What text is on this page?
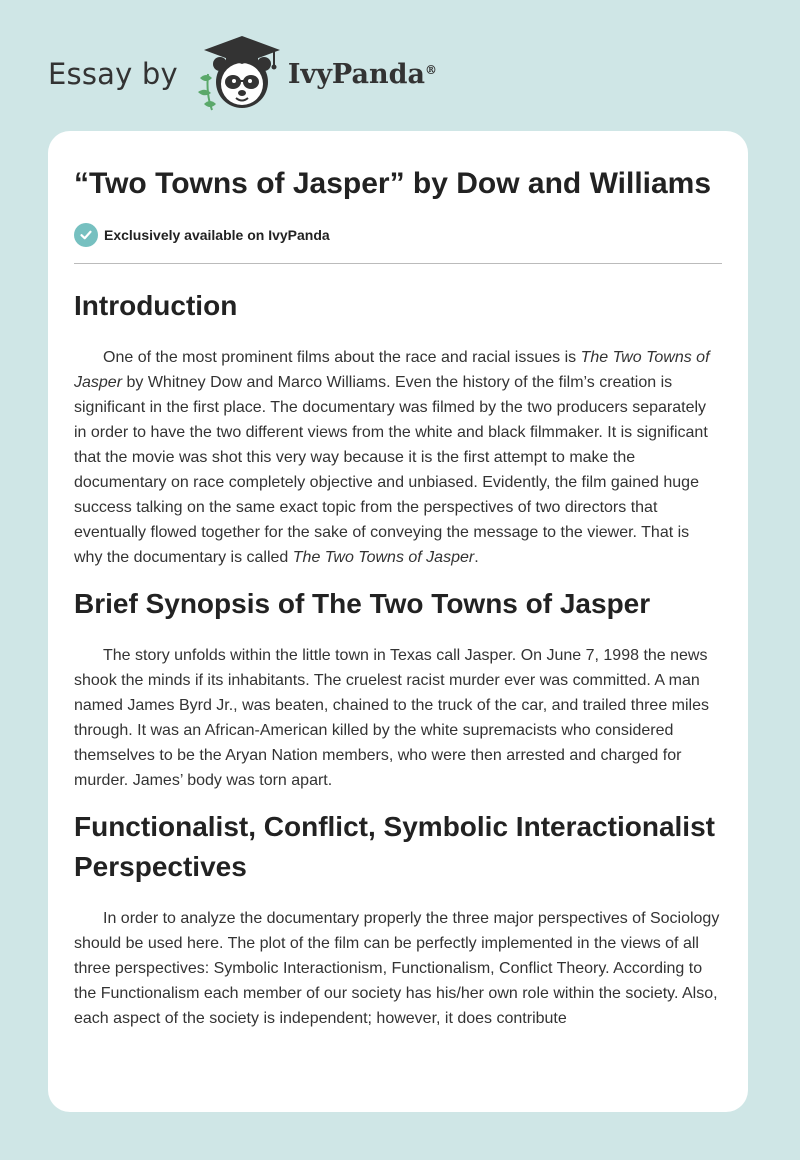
Essay by	IvyPanda®
“Two Towns of Jasper” by Dow and Williams
Exclusively available on IvyPanda
Introduction

One of the most prominent films about the race and racial issues is The Two Towns of Jasper by Whitney Dow and Marco Williams. Even the history of the film’s creation is significant in the first place. The documentary was filmed by the two producers separately in order to have the two different views from the white and black filmmaker. It is significant that the movie was shot this very way because it is the first attempt to make the documentary on race completely objective and unbiased. Evidently, the film gained huge success talking on the same exact topic from the perspectives of two directors that eventually flowed together for the sake of conveying the message to the viewer. That is why the documentary is called The Two Towns of Jasper.

Brief Synopsis of The Two Towns of Jasper

The story unfolds within the little town in Texas call Jasper. On June 7, 1998 the news shook the minds if its inhabitants. The cruelest racist murder ever was committed. A man named James Byrd Jr., was beaten, chained to the truck of the car, and trailed three miles through. It was an African-American killed by the white supremacists who considered themselves to be the Aryan Nation members, who were then arrested and charged for murder. James’ body was torn apart.

Functionalist, Conflict, Symbolic Interactionalist Perspectives

In order to analyze the documentary properly the three major perspectives of Sociology should be used here. The plot of the film can be perfectly implemented in the views of all three perspectives: Symbolic Interactionism, Functionalism, Conflict Theory. According to the Functionalism each member of our society has his/her own role within the society. Also, each aspect of the society is independent; however, it does contribute
